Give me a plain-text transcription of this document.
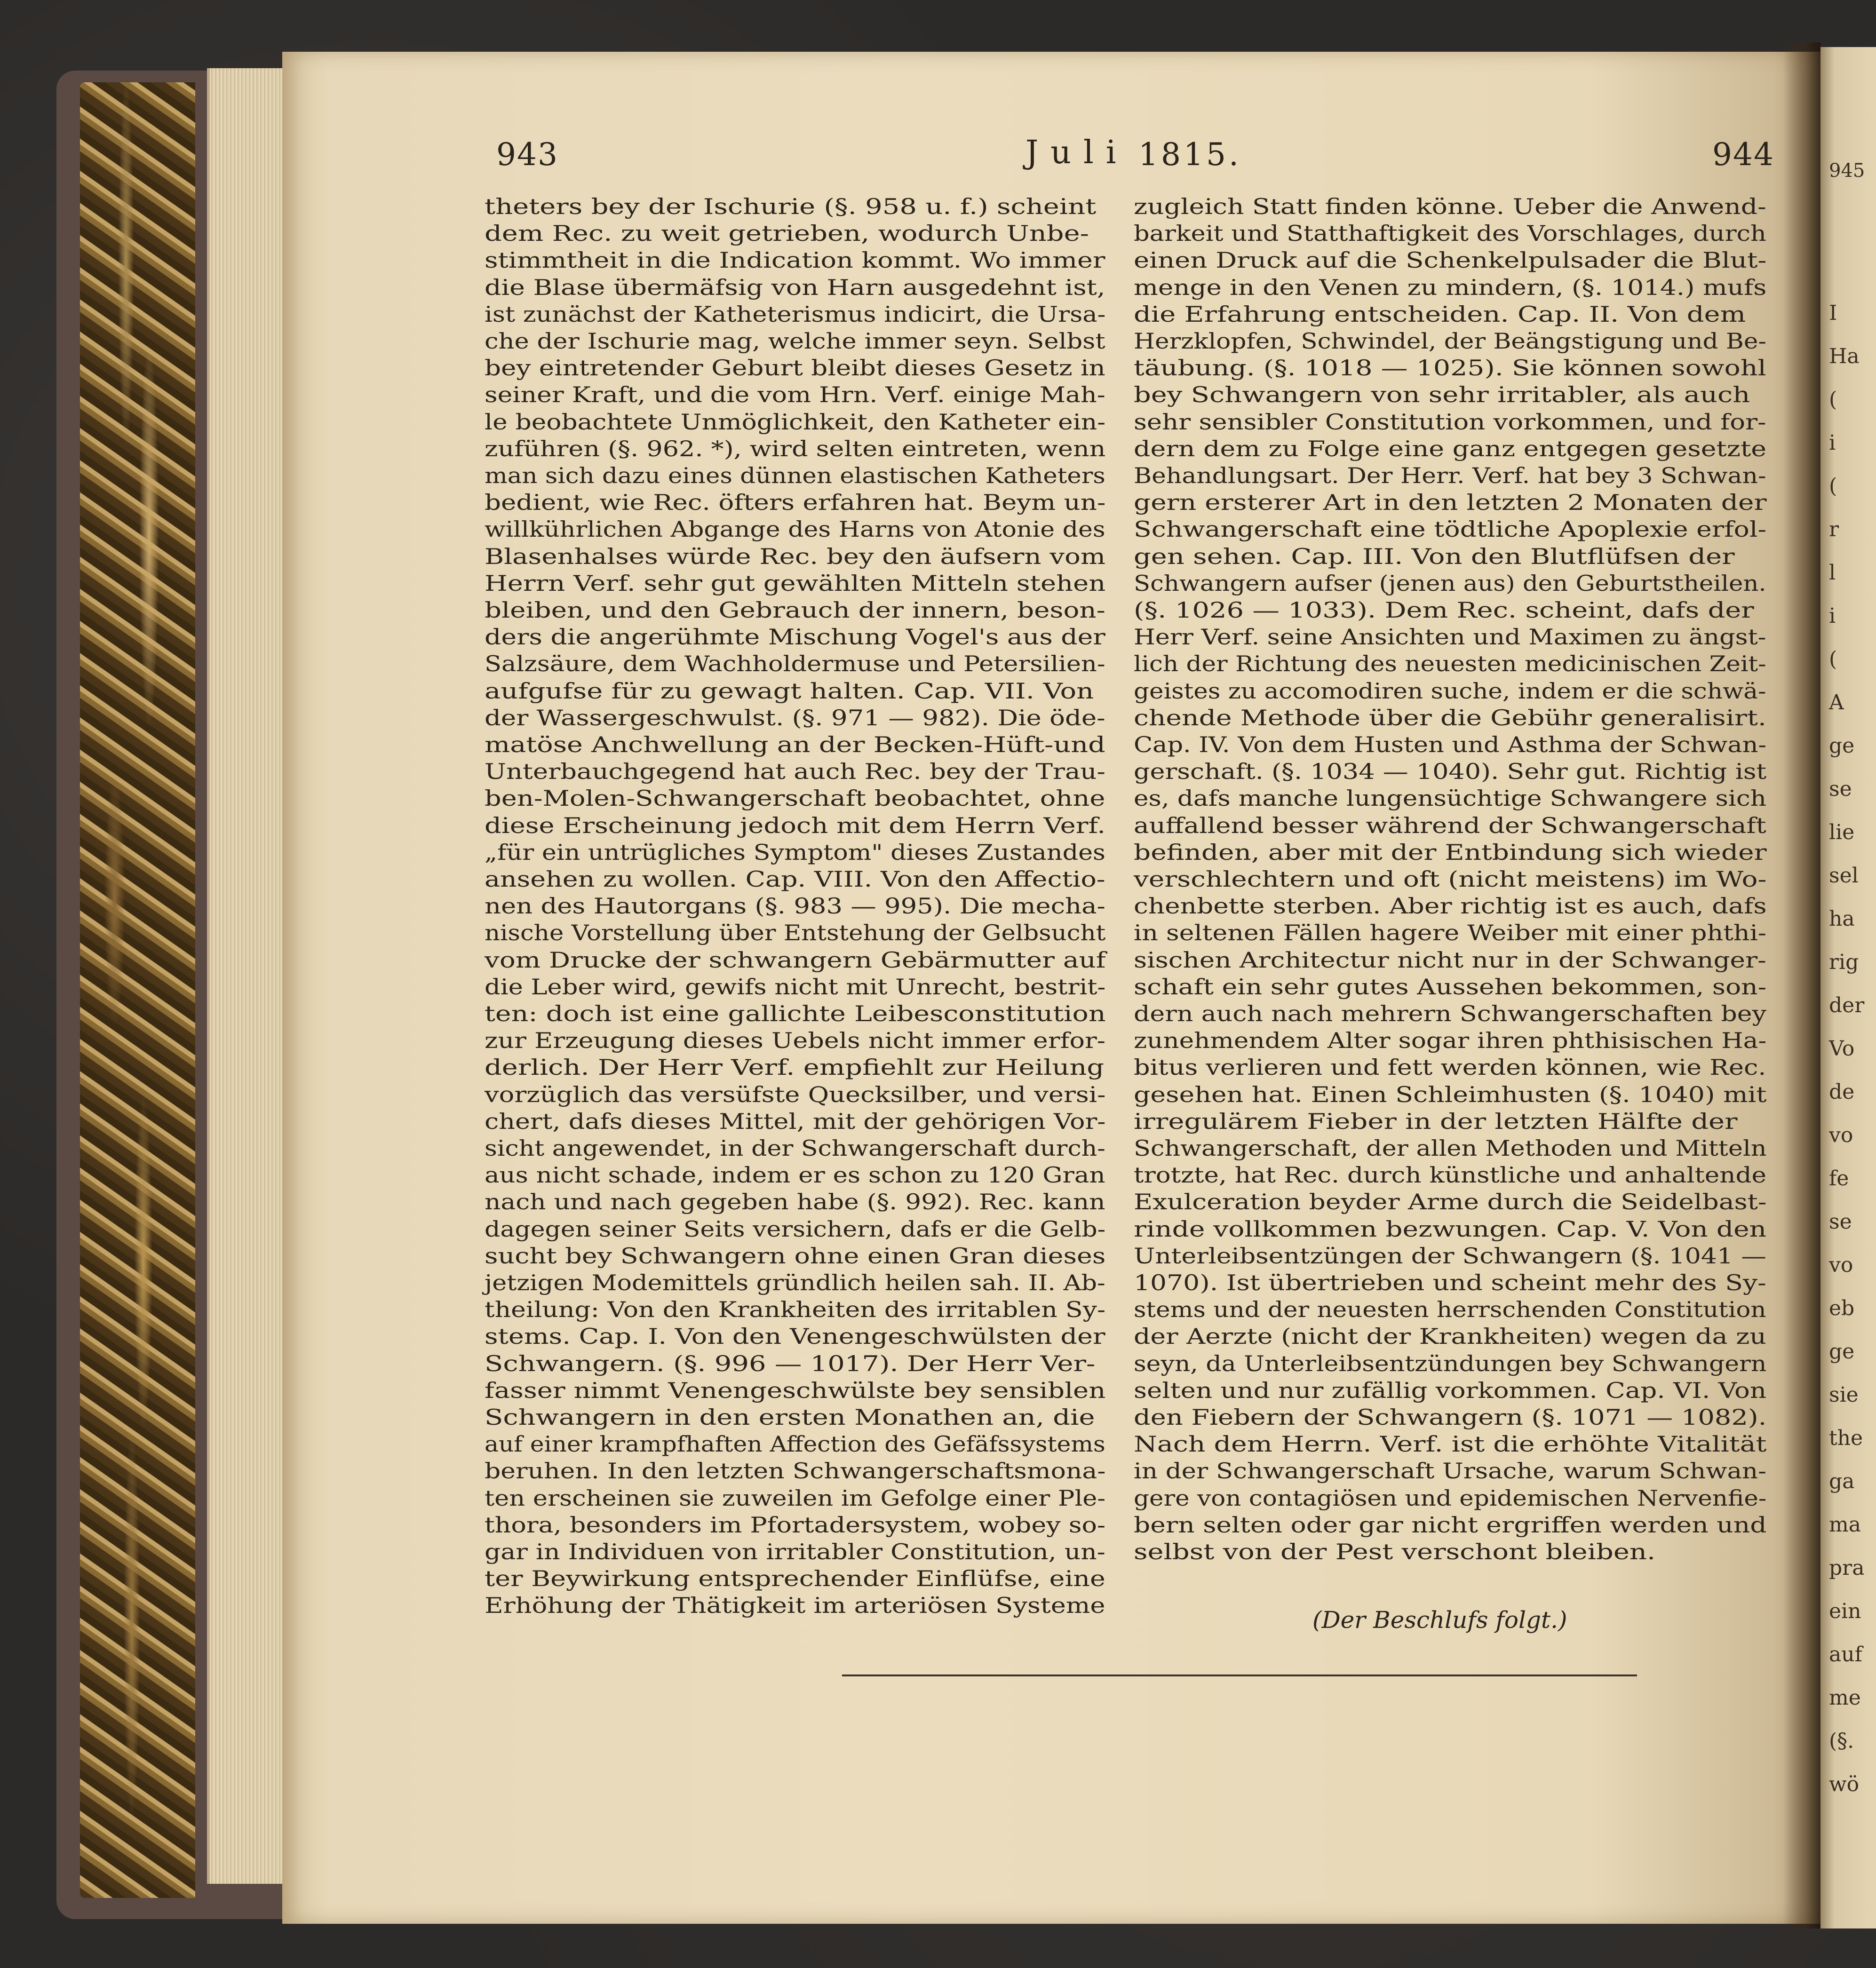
943	Juli 1815.	944
theters bey der Ischurie (§. 958 u. f.) scheint
dem Rec. zu weit getrieben, wodurch Unbe-
stimmtheit in die Indication kommt. Wo immer
die Blase übermäfsig von Harn ausgedehnt ist,
ist zunächst der Katheterismus indicirt, die Ursa-
che der Ischurie mag, welche immer seyn. Selbst
bey eintretender Geburt bleibt dieses Gesetz in
seiner Kraft, und die vom Hrn. Verf. einige Mah-
le beobachtete Unmöglichkeit, den Katheter ein-
zuführen (§. 962. *), wird selten eintreten, wenn
man sich dazu eines dünnen elastischen Katheters
bedient, wie Rec. öfters erfahren hat. Beym un-
willkührlichen Abgange des Harns von Atonie des
Blasenhalses würde Rec. bey den äufsern vom
Herrn Verf. sehr gut gewählten Mitteln stehen
bleiben, und den Gebrauch der innern, beson-
ders die angerühmte Mischung Vogel's aus der
Salzsäure, dem Wachholdermuse und Petersilien-
aufgufse für zu gewagt halten. Cap. VII. Von
der Wassergeschwulst. (§. 971 — 982). Die öde-
matöse Anchwellung an der Becken-Hüft-und
Unterbauchgegend hat auch Rec. bey der Trau-
ben-Molen-Schwangerschaft beobachtet, ohne
diese Erscheinung jedoch mit dem Herrn Verf.
„für ein untrügliches Symptom" dieses Zustandes
ansehen zu wollen. Cap. VIII. Von den Affectio-
nen des Hautorgans (§. 983 — 995). Die mecha-
nische Vorstellung über Entstehung der Gelbsucht
vom Drucke der schwangern Gebärmutter auf
die Leber wird, gewifs nicht mit Unrecht, bestrit-
ten: doch ist eine gallichte Leibesconstitution
zur Erzeugung dieses Uebels nicht immer erfor-
derlich. Der Herr Verf. empfiehlt zur Heilung
vorzüglich das versüfste Quecksilber, und versi-
chert, dafs dieses Mittel, mit der gehörigen Vor-
sicht angewendet, in der Schwangerschaft durch-
aus nicht schade, indem er es schon zu 120 Gran
nach und nach gegeben habe (§. 992). Rec. kann
dagegen seiner Seits versichern, dafs er die Gelb-
sucht bey Schwangern ohne einen Gran dieses
jetzigen Modemittels gründlich heilen sah. II. Ab-
theilung: Von den Krankheiten des irritablen Sy-
stems. Cap. I. Von den Venengeschwülsten der
Schwangern. (§. 996 — 1017). Der Herr Ver-
fasser nimmt Venengeschwülste bey sensiblen
Schwangern in den ersten Monathen an, die
auf einer krampfhaften Affection des Gefäfssystems
beruhen. In den letzten Schwangerschaftsmona-
ten erscheinen sie zuweilen im Gefolge einer Ple-
thora, besonders im Pfortadersystem, wobey so-
gar in Individuen von irritabler Constitution, un-
ter Beywirkung entsprechender Einflüfse, eine
Erhöhung der Thätigkeit im arteriösen Systeme
zugleich Statt finden könne. Ueber die Anwend-
barkeit und Statthaftigkeit des Vorschlages, durch
einen Druck auf die Schenkelpulsader die Blut-
menge in den Venen zu mindern, (§. 1014.) mufs
die Erfahrung entscheiden. Cap. II. Von dem
Herzklopfen, Schwindel, der Beängstigung und Be-
täubung. (§. 1018 — 1025). Sie können sowohl
bey Schwangern von sehr irritabler, als auch
sehr sensibler Constitution vorkommen, und for-
dern dem zu Folge eine ganz entgegen gesetzte
Behandlungsart. Der Herr. Verf. hat bey 3 Schwan-
gern ersterer Art in den letzten 2 Monaten der
Schwangerschaft eine tödtliche Apoplexie erfol-
gen sehen. Cap. III. Von den Blutflüfsen der
Schwangern aufser (jenen aus) den Geburtstheilen.
(§. 1026 — 1033). Dem Rec. scheint, dafs der
Herr Verf. seine Ansichten und Maximen zu ängst-
lich der Richtung des neuesten medicinischen Zeit-
geistes zu accomodiren suche, indem er die schwä-
chende Methode über die Gebühr generalisirt.
Cap. IV. Von dem Husten und Asthma der Schwan-
gerschaft. (§. 1034 — 1040). Sehr gut. Richtig ist
es, dafs manche lungensüchtige Schwangere sich
auffallend besser während der Schwangerschaft
befinden, aber mit der Entbindung sich wieder
verschlechtern und oft (nicht meistens) im Wo-
chenbette sterben. Aber richtig ist es auch, dafs
in seltenen Fällen hagere Weiber mit einer phthi-
sischen Architectur nicht nur in der Schwanger-
schaft ein sehr gutes Aussehen bekommen, son-
dern auch nach mehrern Schwangerschaften bey
zunehmendem Alter sogar ihren phthisischen Ha-
bitus verlieren und fett werden können, wie Rec.
gesehen hat. Einen Schleimhusten (§. 1040) mit
irregulärem Fieber in der letzten Hälfte der
Schwangerschaft, der allen Methoden und Mitteln
trotzte, hat Rec. durch künstliche und anhaltende
Exulceration beyder Arme durch die Seidelbast-
rinde vollkommen bezwungen. Cap. V. Von den
Unterleibsentzüngen der Schwangern (§. 1041 —
1070). Ist übertrieben und scheint mehr des Sy-
stems und der neuesten herrschenden Constitution
der Aerzte (nicht der Krankheiten) wegen da zu
seyn, da Unterleibsentzündungen bey Schwangern
selten und nur zufällig vorkommen. Cap. VI. Von
den Fiebern der Schwangern (§. 1071 — 1082).
Nach dem Herrn. Verf. ist die erhöhte Vitalität
in der Schwangerschaft Ursache, warum Schwan-
gere von contagiösen und epidemischen Nervenfie-
bern selten oder gar nicht ergriffen werden und
selbst von der Pest verschont bleiben.
(Der Beschlufs folgt.)
945
I
Ha
(
i
(
r
l
i
(
A
ge
se
lie
sel
ha
rig
der
Vo
de
vo
fe
se
vo
eb
ge
sie
the
ga
ma
pra
ein
auf
me
(§.
wö
